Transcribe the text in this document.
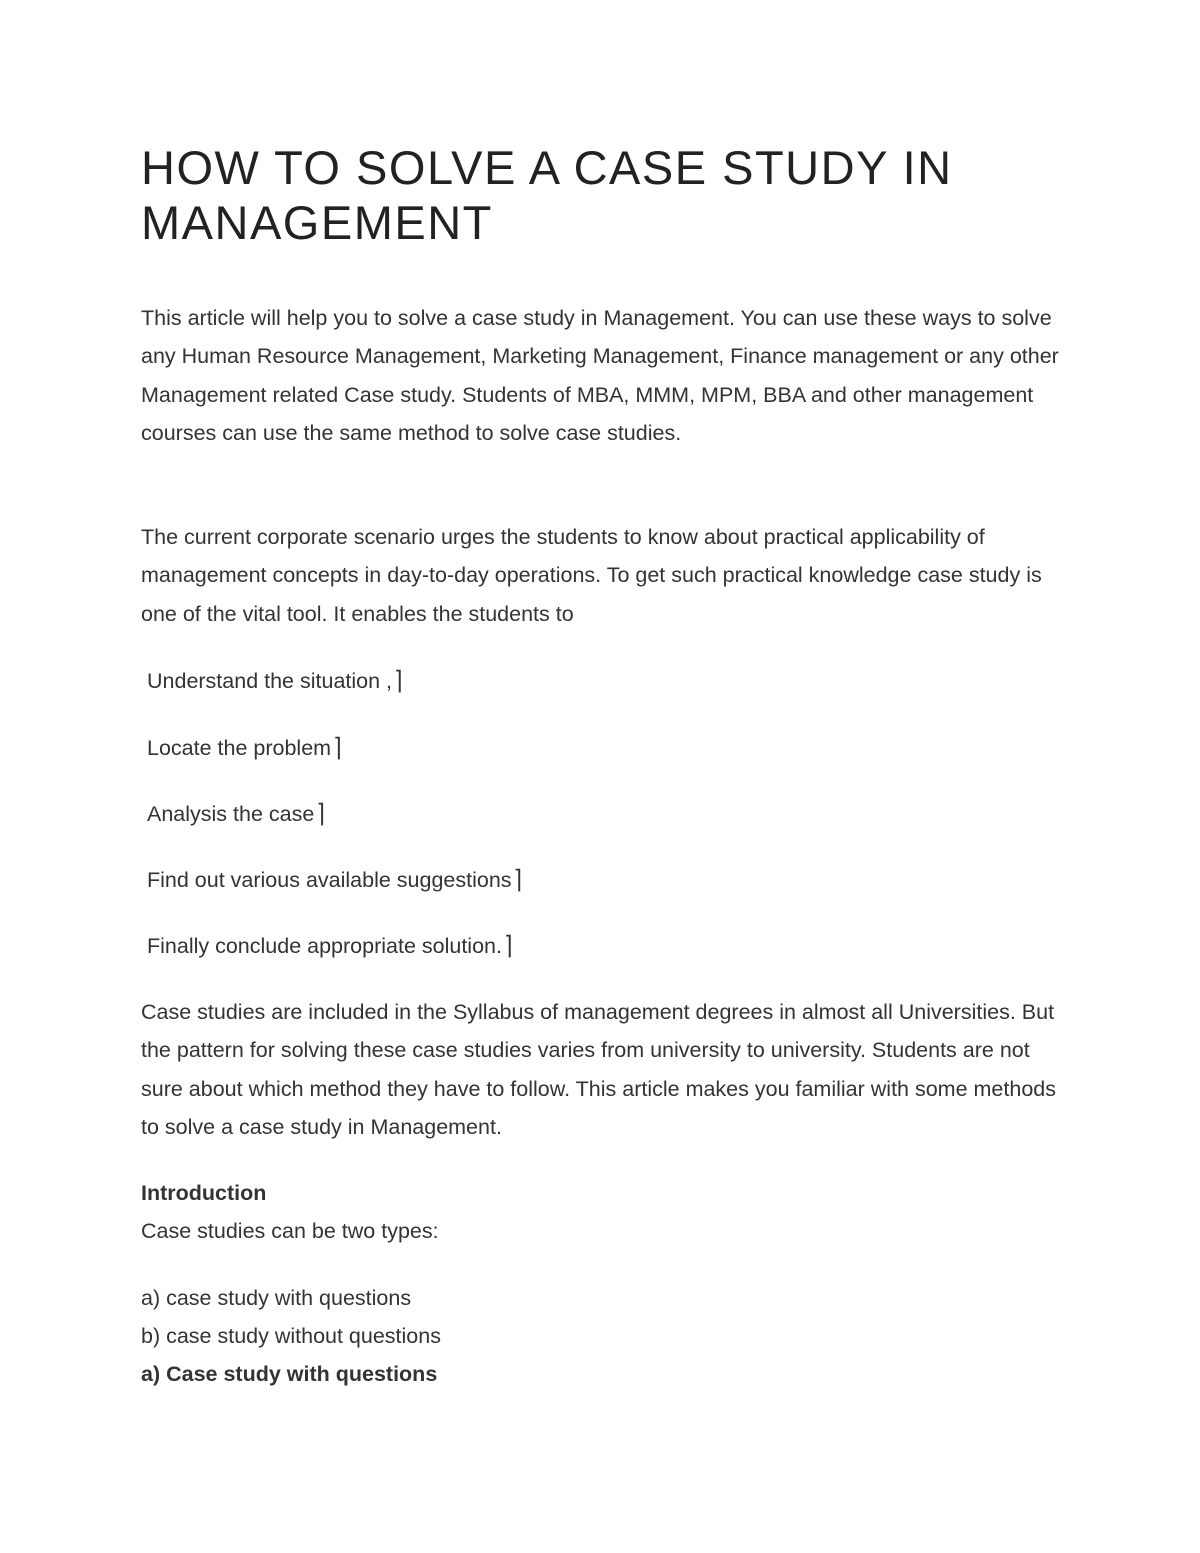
HOW TO SOLVE A CASE STUDY IN
MANAGEMENT

This article will help you to solve a case study in Management. You can use these ways to solve any Human Resource Management, Marketing Management, Finance management or any other Management related Case study. Students of MBA, MMM, MPM, BBA and other management courses can use the same method to solve case studies.

The current corporate scenario urges the students to know about practical applicability of management concepts in day-to-day operations. To get such practical knowledge case study is one of the vital tool. It enables the students to

Understand the situation ,⌉

Locate the problem⌉

Analysis the case⌉

Find out various available suggestions⌉

Finally conclude appropriate solution.⌉

Case studies are included in the Syllabus of management degrees in almost all Universities. But the pattern for solving these case studies varies from university to university. Students are not sure about which method they have to follow. This article makes you familiar with some methods to solve a case study in Management.

Introduction

Case studies can be two types:

a) case study with questions

b) case study without questions

a) Case study with questions
